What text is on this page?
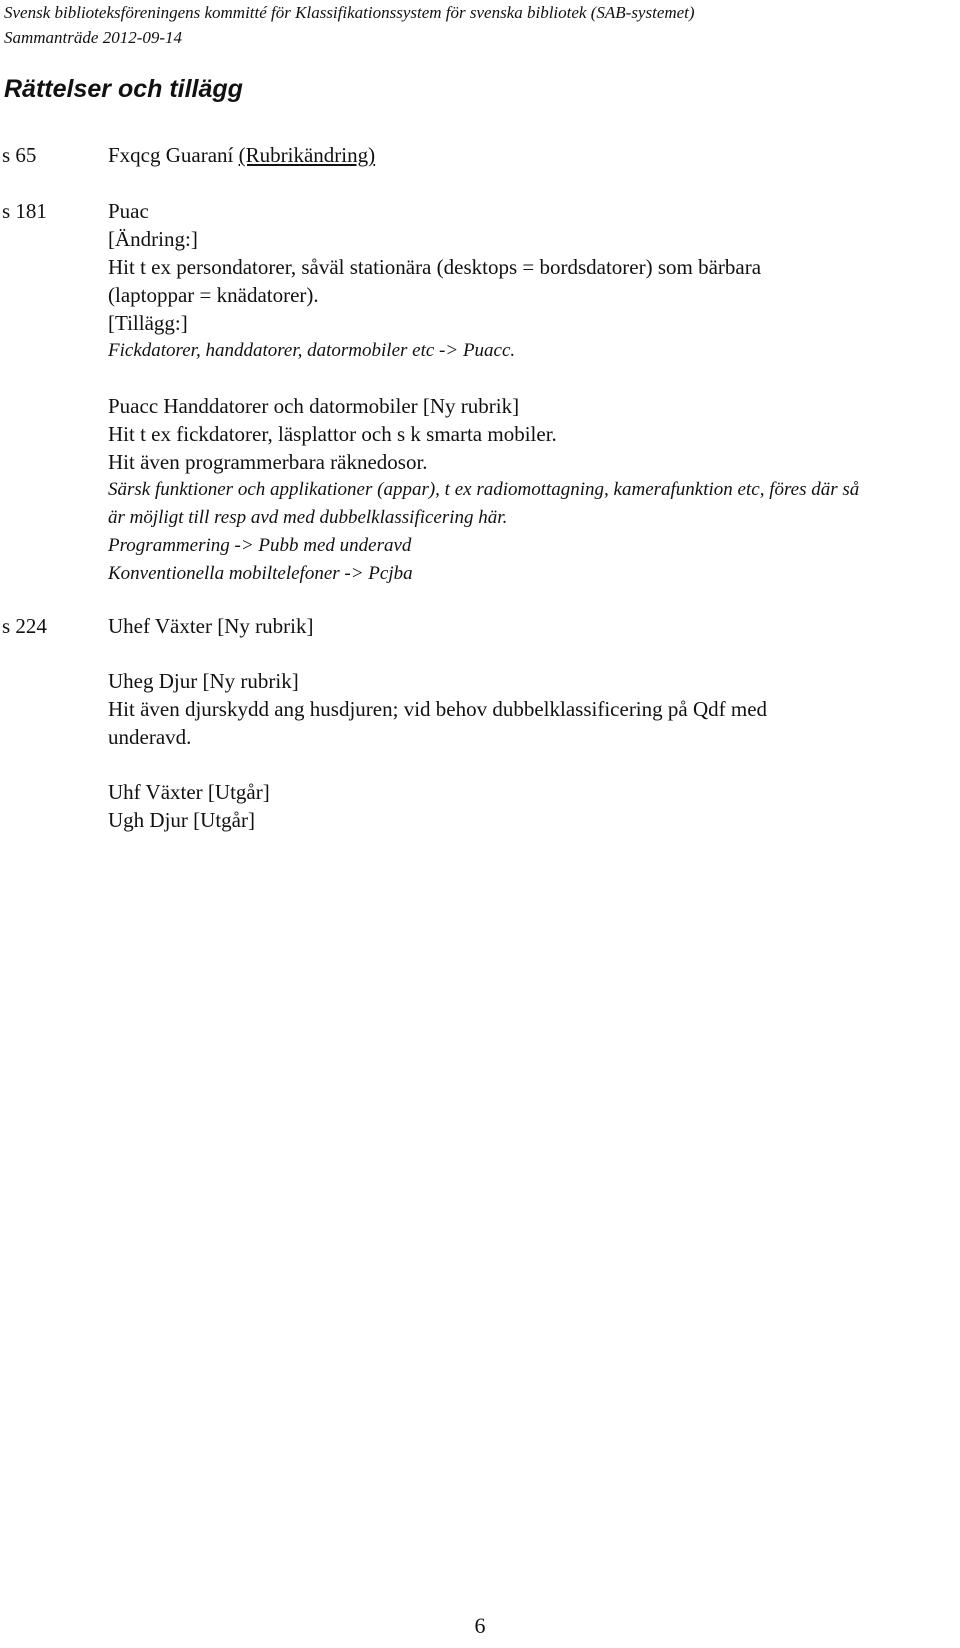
Svensk biblioteksföreningens kommitté för Klassifikationssystem för svenska bibliotek (SAB-systemet)
Sammanträde 2012-09-14
Rättelser och tillägg
s 65	Fxqcg Guaraní (Rubrikändring)
s 181	Puac
[Ändring:]
Hit t ex persondatorer, såväl stationära (desktops = bordsdatorer) som bärbara
(laptoppar = knädatorer).
[Tillägg:]
Fickdatorer, handdatorer, datormobiler etc -> Puacc.
Puacc Handdatorer och datormobiler [Ny rubrik]
Hit t ex fickdatorer, läsplattor och s k smarta mobiler.
Hit även programmerbara räknedosor.
Särsk funktioner och applikationer (appar), t ex radiomottagning, kamerafunktion etc, föres där så
är möjligt till resp avd med dubbelklassificering här.
Programmering -> Pubb med underavd
Konventionella mobiltelefoner -> Pcjba
s 224	Uhef Växter [Ny rubrik]
Uheg Djur [Ny rubrik]
Hit även djurskydd ang husdjuren; vid behov dubbelklassificering på Qdf med
underavd.
Uhf Växter [Utgår]
Ugh Djur [Utgår]
6
